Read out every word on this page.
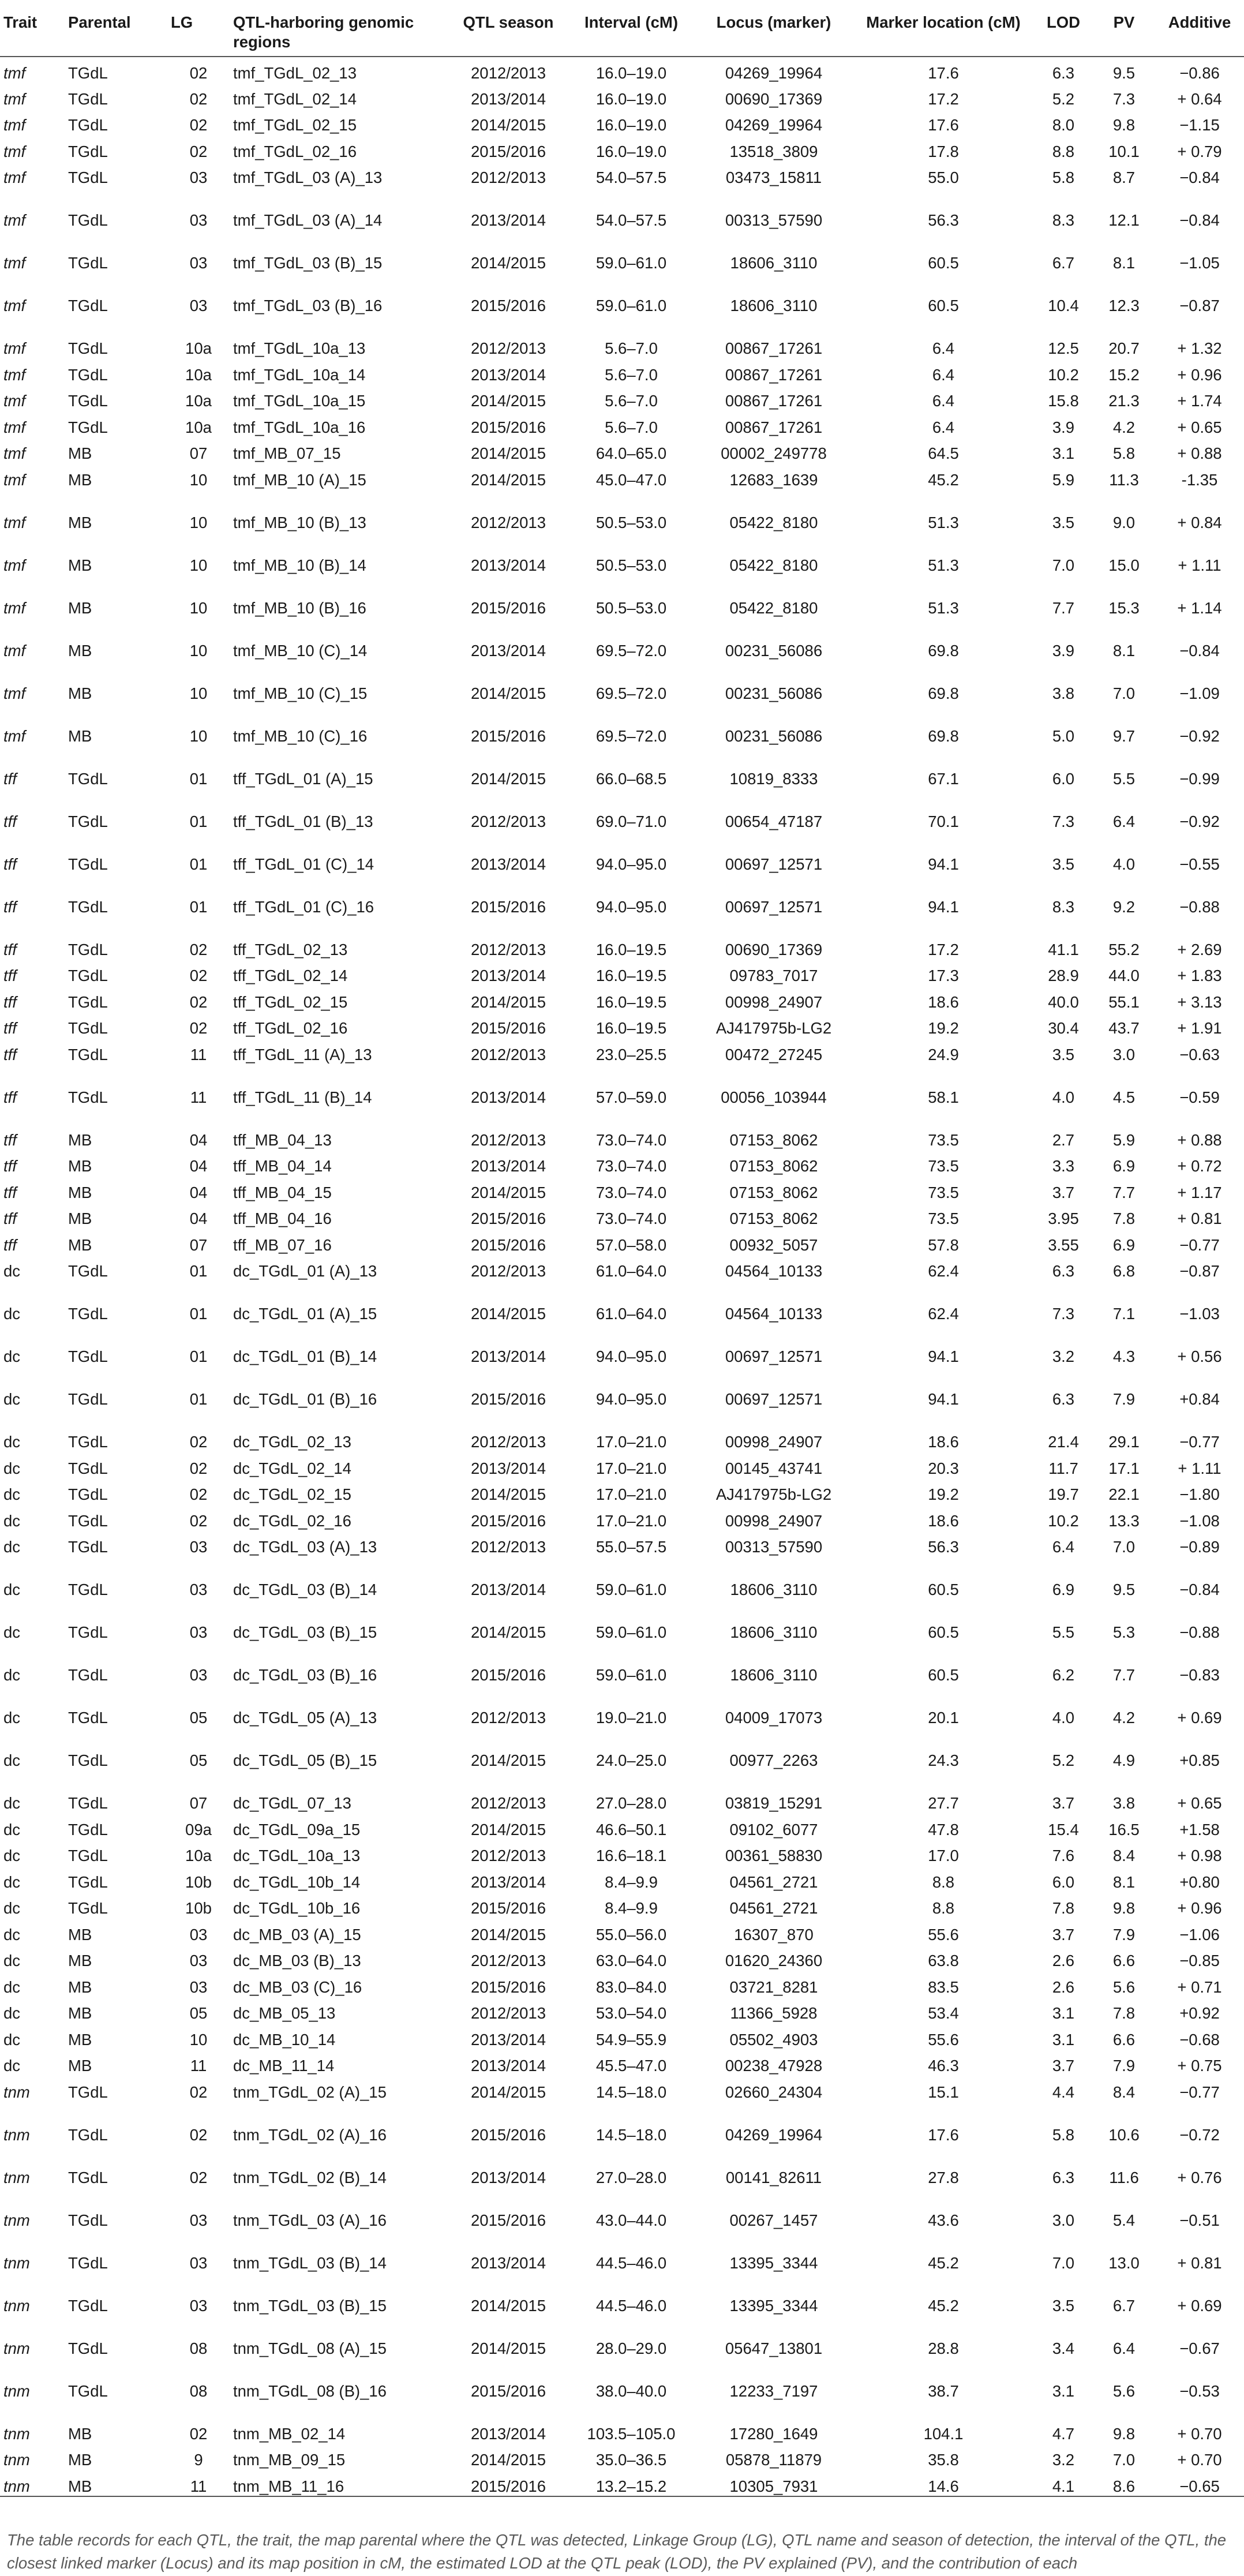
Trait	Parental	LG	QTL-harboring genomic regions	QTL season	Interval (cM)	Locus (marker)	Marker location (cM)	LOD	PV	Additive
tmf	TGdL	02	tmf_TGdL_02_13	2012/2013	16.0–19.0	04269_19964	17.6	6.3	9.5	−0.86
tmf	TGdL	02	tmf_TGdL_02_14	2013/2014	16.0–19.0	00690_17369	17.2	5.2	7.3	+ 0.64
tmf	TGdL	02	tmf_TGdL_02_15	2014/2015	16.0–19.0	04269_19964	17.6	8.0	9.8	−1.15
tmf	TGdL	02	tmf_TGdL_02_16	2015/2016	16.0–19.0	13518_3809	17.8	8.8	10.1	+ 0.79
tmf	TGdL	03	tmf_TGdL_03 (A)_13	2012/2013	54.0–57.5	03473_15811	55.0	5.8	8.7	−0.84
tmf	TGdL	03	tmf_TGdL_03 (A)_14	2013/2014	54.0–57.5	00313_57590	56.3	8.3	12.1	−0.84
tmf	TGdL	03	tmf_TGdL_03 (B)_15	2014/2015	59.0–61.0	18606_3110	60.5	6.7	8.1	−1.05
tmf	TGdL	03	tmf_TGdL_03 (B)_16	2015/2016	59.0–61.0	18606_3110	60.5	10.4	12.3	−0.87
tmf	TGdL	10a	tmf_TGdL_10a_13	2012/2013	5.6–7.0	00867_17261	6.4	12.5	20.7	+ 1.32
tmf	TGdL	10a	tmf_TGdL_10a_14	2013/2014	5.6–7.0	00867_17261	6.4	10.2	15.2	+ 0.96
tmf	TGdL	10a	tmf_TGdL_10a_15	2014/2015	5.6–7.0	00867_17261	6.4	15.8	21.3	+ 1.74
tmf	TGdL	10a	tmf_TGdL_10a_16	2015/2016	5.6–7.0	00867_17261	6.4	3.9	4.2	+ 0.65
tmf	MB	07	tmf_MB_07_15	2014/2015	64.0–65.0	00002_249778	64.5	3.1	5.8	+ 0.88
tmf	MB	10	tmf_MB_10 (A)_15	2014/2015	45.0–47.0	12683_1639	45.2	5.9	11.3	-1.35
tmf	MB	10	tmf_MB_10 (B)_13	2012/2013	50.5–53.0	05422_8180	51.3	3.5	9.0	+ 0.84
tmf	MB	10	tmf_MB_10 (B)_14	2013/2014	50.5–53.0	05422_8180	51.3	7.0	15.0	+ 1.11
tmf	MB	10	tmf_MB_10 (B)_16	2015/2016	50.5–53.0	05422_8180	51.3	7.7	15.3	+ 1.14
tmf	MB	10	tmf_MB_10 (C)_14	2013/2014	69.5–72.0	00231_56086	69.8	3.9	8.1	−0.84
tmf	MB	10	tmf_MB_10 (C)_15	2014/2015	69.5–72.0	00231_56086	69.8	3.8	7.0	−1.09
tmf	MB	10	tmf_MB_10 (C)_16	2015/2016	69.5–72.0	00231_56086	69.8	5.0	9.7	−0.92
tff	TGdL	01	tff_TGdL_01 (A)_15	2014/2015	66.0–68.5	10819_8333	67.1	6.0	5.5	−0.99
tff	TGdL	01	tff_TGdL_01 (B)_13	2012/2013	69.0–71.0	00654_47187	70.1	7.3	6.4	−0.92
tff	TGdL	01	tff_TGdL_01 (C)_14	2013/2014	94.0–95.0	00697_12571	94.1	3.5	4.0	−0.55
tff	TGdL	01	tff_TGdL_01 (C)_16	2015/2016	94.0–95.0	00697_12571	94.1	8.3	9.2	−0.88
tff	TGdL	02	tff_TGdL_02_13	2012/2013	16.0–19.5	00690_17369	17.2	41.1	55.2	+ 2.69
tff	TGdL	02	tff_TGdL_02_14	2013/2014	16.0–19.5	09783_7017	17.3	28.9	44.0	+ 1.83
tff	TGdL	02	tff_TGdL_02_15	2014/2015	16.0–19.5	00998_24907	18.6	40.0	55.1	+ 3.13
tff	TGdL	02	tff_TGdL_02_16	2015/2016	16.0–19.5	AJ417975b-LG2	19.2	30.4	43.7	+ 1.91
tff	TGdL	11	tff_TGdL_11 (A)_13	2012/2013	23.0–25.5	00472_27245	24.9	3.5	3.0	−0.63
tff	TGdL	11	tff_TGdL_11 (B)_14	2013/2014	57.0–59.0	00056_103944	58.1	4.0	4.5	−0.59
tff	MB	04	tff_MB_04_13	2012/2013	73.0–74.0	07153_8062	73.5	2.7	5.9	+ 0.88
tff	MB	04	tff_MB_04_14	2013/2014	73.0–74.0	07153_8062	73.5	3.3	6.9	+ 0.72
tff	MB	04	tff_MB_04_15	2014/2015	73.0–74.0	07153_8062	73.5	3.7	7.7	+ 1.17
tff	MB	04	tff_MB_04_16	2015/2016	73.0–74.0	07153_8062	73.5	3.95	7.8	+ 0.81
tff	MB	07	tff_MB_07_16	2015/2016	57.0–58.0	00932_5057	57.8	3.55	6.9	−0.77
dc	TGdL	01	dc_TGdL_01 (A)_13	2012/2013	61.0–64.0	04564_10133	62.4	6.3	6.8	−0.87
dc	TGdL	01	dc_TGdL_01 (A)_15	2014/2015	61.0–64.0	04564_10133	62.4	7.3	7.1	−1.03
dc	TGdL	01	dc_TGdL_01 (B)_14	2013/2014	94.0–95.0	00697_12571	94.1	3.2	4.3	+ 0.56
dc	TGdL	01	dc_TGdL_01 (B)_16	2015/2016	94.0–95.0	00697_12571	94.1	6.3	7.9	+0.84
dc	TGdL	02	dc_TGdL_02_13	2012/2013	17.0–21.0	00998_24907	18.6	21.4	29.1	−0.77
dc	TGdL	02	dc_TGdL_02_14	2013/2014	17.0–21.0	00145_43741	20.3	11.7	17.1	+ 1.11
dc	TGdL	02	dc_TGdL_02_15	2014/2015	17.0–21.0	AJ417975b-LG2	19.2	19.7	22.1	−1.80
dc	TGdL	02	dc_TGdL_02_16	2015/2016	17.0–21.0	00998_24907	18.6	10.2	13.3	−1.08
dc	TGdL	03	dc_TGdL_03 (A)_13	2012/2013	55.0–57.5	00313_57590	56.3	6.4	7.0	−0.89
dc	TGdL	03	dc_TGdL_03 (B)_14	2013/2014	59.0–61.0	18606_3110	60.5	6.9	9.5	−0.84
dc	TGdL	03	dc_TGdL_03 (B)_15	2014/2015	59.0–61.0	18606_3110	60.5	5.5	5.3	−0.88
dc	TGdL	03	dc_TGdL_03 (B)_16	2015/2016	59.0–61.0	18606_3110	60.5	6.2	7.7	−0.83
dc	TGdL	05	dc_TGdL_05 (A)_13	2012/2013	19.0–21.0	04009_17073	20.1	4.0	4.2	+ 0.69
dc	TGdL	05	dc_TGdL_05 (B)_15	2014/2015	24.0–25.0	00977_2263	24.3	5.2	4.9	+0.85
dc	TGdL	07	dc_TGdL_07_13	2012/2013	27.0–28.0	03819_15291	27.7	3.7	3.8	+ 0.65
dc	TGdL	09a	dc_TGdL_09a_15	2014/2015	46.6–50.1	09102_6077	47.8	15.4	16.5	+1.58
dc	TGdL	10a	dc_TGdL_10a_13	2012/2013	16.6–18.1	00361_58830	17.0	7.6	8.4	+ 0.98
dc	TGdL	10b	dc_TGdL_10b_14	2013/2014	8.4–9.9	04561_2721	8.8	6.0	8.1	+0.80
dc	TGdL	10b	dc_TGdL_10b_16	2015/2016	8.4–9.9	04561_2721	8.8	7.8	9.8	+ 0.96
dc	MB	03	dc_MB_03 (A)_15	2014/2015	55.0–56.0	16307_870	55.6	3.7	7.9	−1.06
dc	MB	03	dc_MB_03 (B)_13	2012/2013	63.0–64.0	01620_24360	63.8	2.6	6.6	−0.85
dc	MB	03	dc_MB_03 (C)_16	2015/2016	83.0–84.0	03721_8281	83.5	2.6	5.6	+ 0.71
dc	MB	05	dc_MB_05_13	2012/2013	53.0–54.0	11366_5928	53.4	3.1	7.8	+0.92
dc	MB	10	dc_MB_10_14	2013/2014	54.9–55.9	05502_4903	55.6	3.1	6.6	−0.68
dc	MB	11	dc_MB_11_14	2013/2014	45.5–47.0	00238_47928	46.3	3.7	7.9	+ 0.75
tnm	TGdL	02	tnm_TGdL_02 (A)_15	2014/2015	14.5–18.0	02660_24304	15.1	4.4	8.4	−0.77
tnm	TGdL	02	tnm_TGdL_02 (A)_16	2015/2016	14.5–18.0	04269_19964	17.6	5.8	10.6	−0.72
tnm	TGdL	02	tnm_TGdL_02 (B)_14	2013/2014	27.0–28.0	00141_82611	27.8	6.3	11.6	+ 0.76
tnm	TGdL	03	tnm_TGdL_03 (A)_16	2015/2016	43.0–44.0	00267_1457	43.6	3.0	5.4	−0.51
tnm	TGdL	03	tnm_TGdL_03 (B)_14	2013/2014	44.5–46.0	13395_3344	45.2	7.0	13.0	+ 0.81
tnm	TGdL	03	tnm_TGdL_03 (B)_15	2014/2015	44.5–46.0	13395_3344	45.2	3.5	6.7	+ 0.69
tnm	TGdL	08	tnm_TGdL_08 (A)_15	2014/2015	28.0–29.0	05647_13801	28.8	3.4	6.4	−0.67
tnm	TGdL	08	tnm_TGdL_08 (B)_16	2015/2016	38.0–40.0	12233_7197	38.7	3.1	5.6	−0.53
tnm	MB	02	tnm_MB_02_14	2013/2014	103.5–105.0	17280_1649	104.1	4.7	9.8	+ 0.70
tnm	MB	9	tnm_MB_09_15	2014/2015	35.0–36.5	05878_11879	35.8	3.2	7.0	+ 0.70
tnm	MB	11	tnm_MB_11_16	2015/2016	13.2–15.2	10305_7931	14.6	4.1	8.6	−0.65

The table records for each QTL, the trait, the map parental where the QTL was detected, Linkage Group (LG), QTL name and season of detection, the interval of the QTL, the closest linked marker (Locus) and its map position in cM, the estimated LOD at the QTL peak (LOD), the PV explained (PV), and the contribution of each
